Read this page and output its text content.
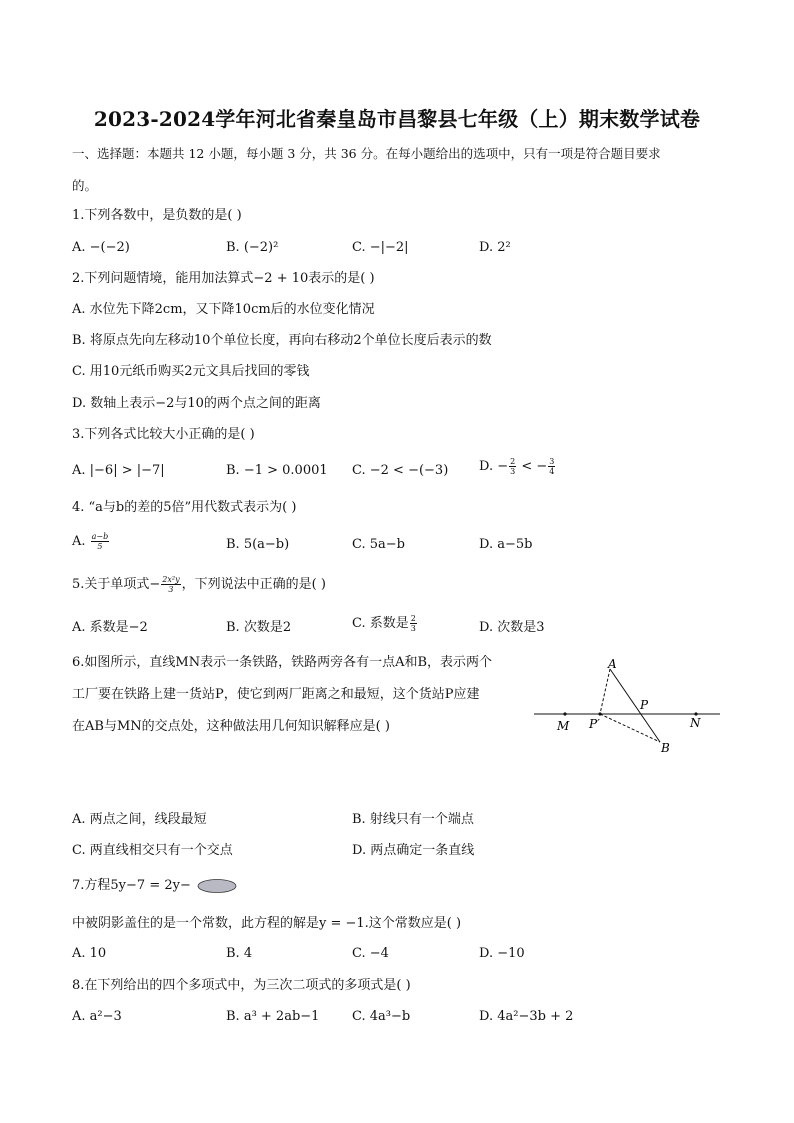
2023-2024学年河北省秦皇岛市昌黎县七年级（上）期末数学试卷
一、选择题：本题共 12 小题，每小题 3 分，共 36 分。在每小题给出的选项中，只有一项是符合题目要求
的。
1.下列各数中，是负数的是( )
A. −(−2)	B. (−2)²	C. −|−2|	D. 2²
2.下列问题情境，能用加法算式−2 + 10表示的是( )
A. 水位先下降2cm，又下降10cm后的水位变化情况
B. 将原点先向左移动10个单位长度，再向右移动2个单位长度后表示的数
C. 用10元纸币购买2元文具后找回的零钱
D. 数轴上表示−2与10的两个点之间的距离
3.下列各式比较大小正确的是( )
A. |−6| > |−7|	B. −1 > 0.0001 C. −2 < −(−3) D. − $\frac{2}{3}$ < − $\frac{3}{4}$
4. “a与b的差的5倍”用代数式表示为( )
A. $\frac{a-b}{5}$	B. 5(a−b)	C. 5a−b	D. a−5b
5.关于单项式− $\frac{\text{2x²y}}{3}$ ，下列说法中正确的是( )
A. 系数是−2	B. 次数是2	C. 系数是 $\frac{2}{3}$	D. 次数是3
6.如图所示，直线MN表示一条铁路，铁路两旁各有一点A和B，表示两个
工厂要在铁路上建一货站P，使它到两厂距离之和最短，这个货站P应建
在AB与MN的交点处，这种做法用几何知识解释应是( )
A
B
P
P′
M	N
A. 两点之间，线段最短	B. 射线只有一个端点
C. 两直线相交只有一个交点	D. 两点确定一条直线
7.方程5y−7 = 2y−
中被阴影盖住的是一个常数，此方程的解是y = −1.这个常数应是( )
A. 10	B. 4	C. −4	D. −10
8.在下列给出的四个多项式中，为三次二项式的多项式是( )
A. a²−3	B. a³ + 2ab−1	C. 4a³−b	D. 4a²−3b + 2
